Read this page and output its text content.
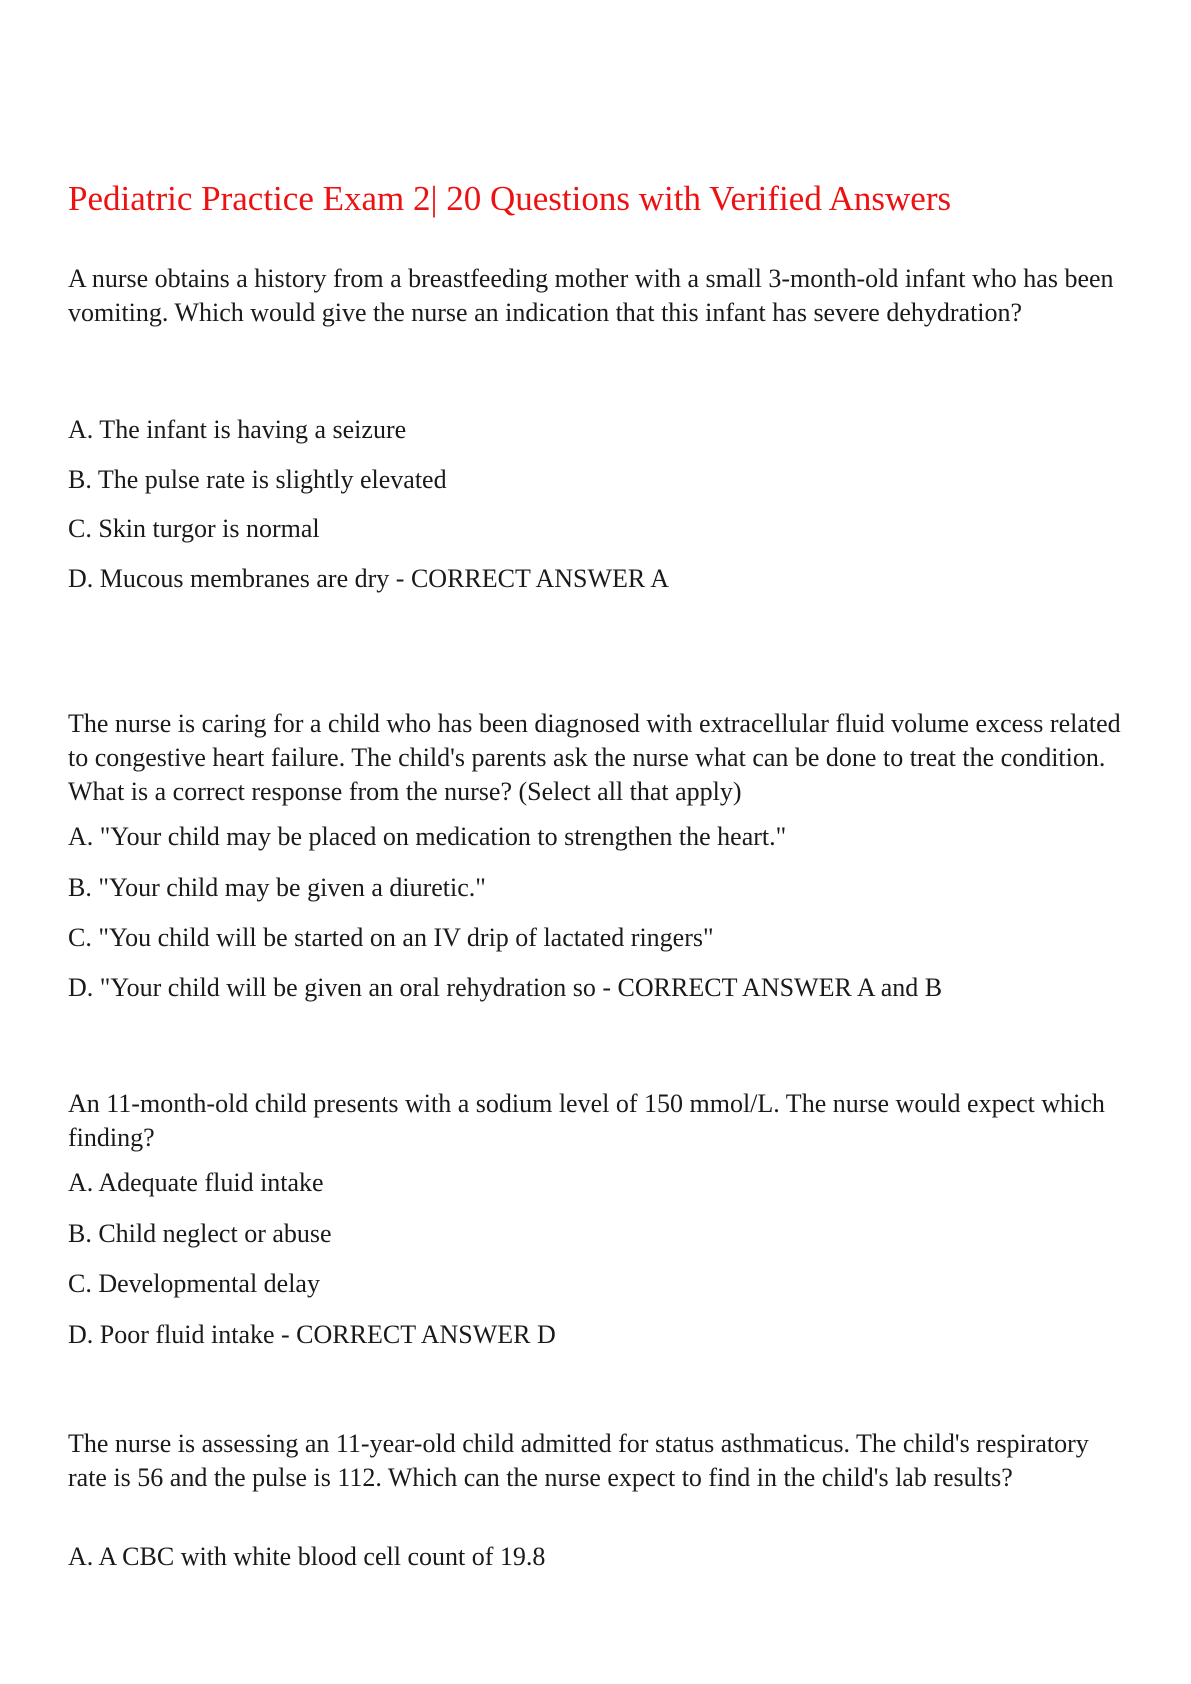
Pediatric Practice Exam 2| 20 Questions with Verified Answers

A nurse obtains a history from a breastfeeding mother with a small 3-month-old infant who has been vomiting. Which would give the nurse an indication that this infant has severe dehydration?

A. The infant is having a seizure

B. The pulse rate is slightly elevated

C. Skin turgor is normal

D. Mucous membranes are dry - CORRECT ANSWER A

The nurse is caring for a child who has been diagnosed with extracellular fluid volume excess related to congestive heart failure. The child's parents ask the nurse what can be done to treat the condition. What is a correct response from the nurse? (Select all that apply)

A. "Your child may be placed on medication to strengthen the heart."

B. "Your child may be given a diuretic."

C. "You child will be started on an IV drip of lactated ringers"

D. "Your child will be given an oral rehydration so - CORRECT ANSWER A and B

An 11-month-old child presents with a sodium level of 150 mmol/L. The nurse would expect which finding?

A. Adequate fluid intake

B. Child neglect or abuse

C. Developmental delay

D. Poor fluid intake - CORRECT ANSWER D

The nurse is assessing an 11-year-old child admitted for status asthmaticus. The child's respiratory rate is 56 and the pulse is 112. Which can the nurse expect to find in the child's lab results?

A. A CBC with white blood cell count of 19.8
